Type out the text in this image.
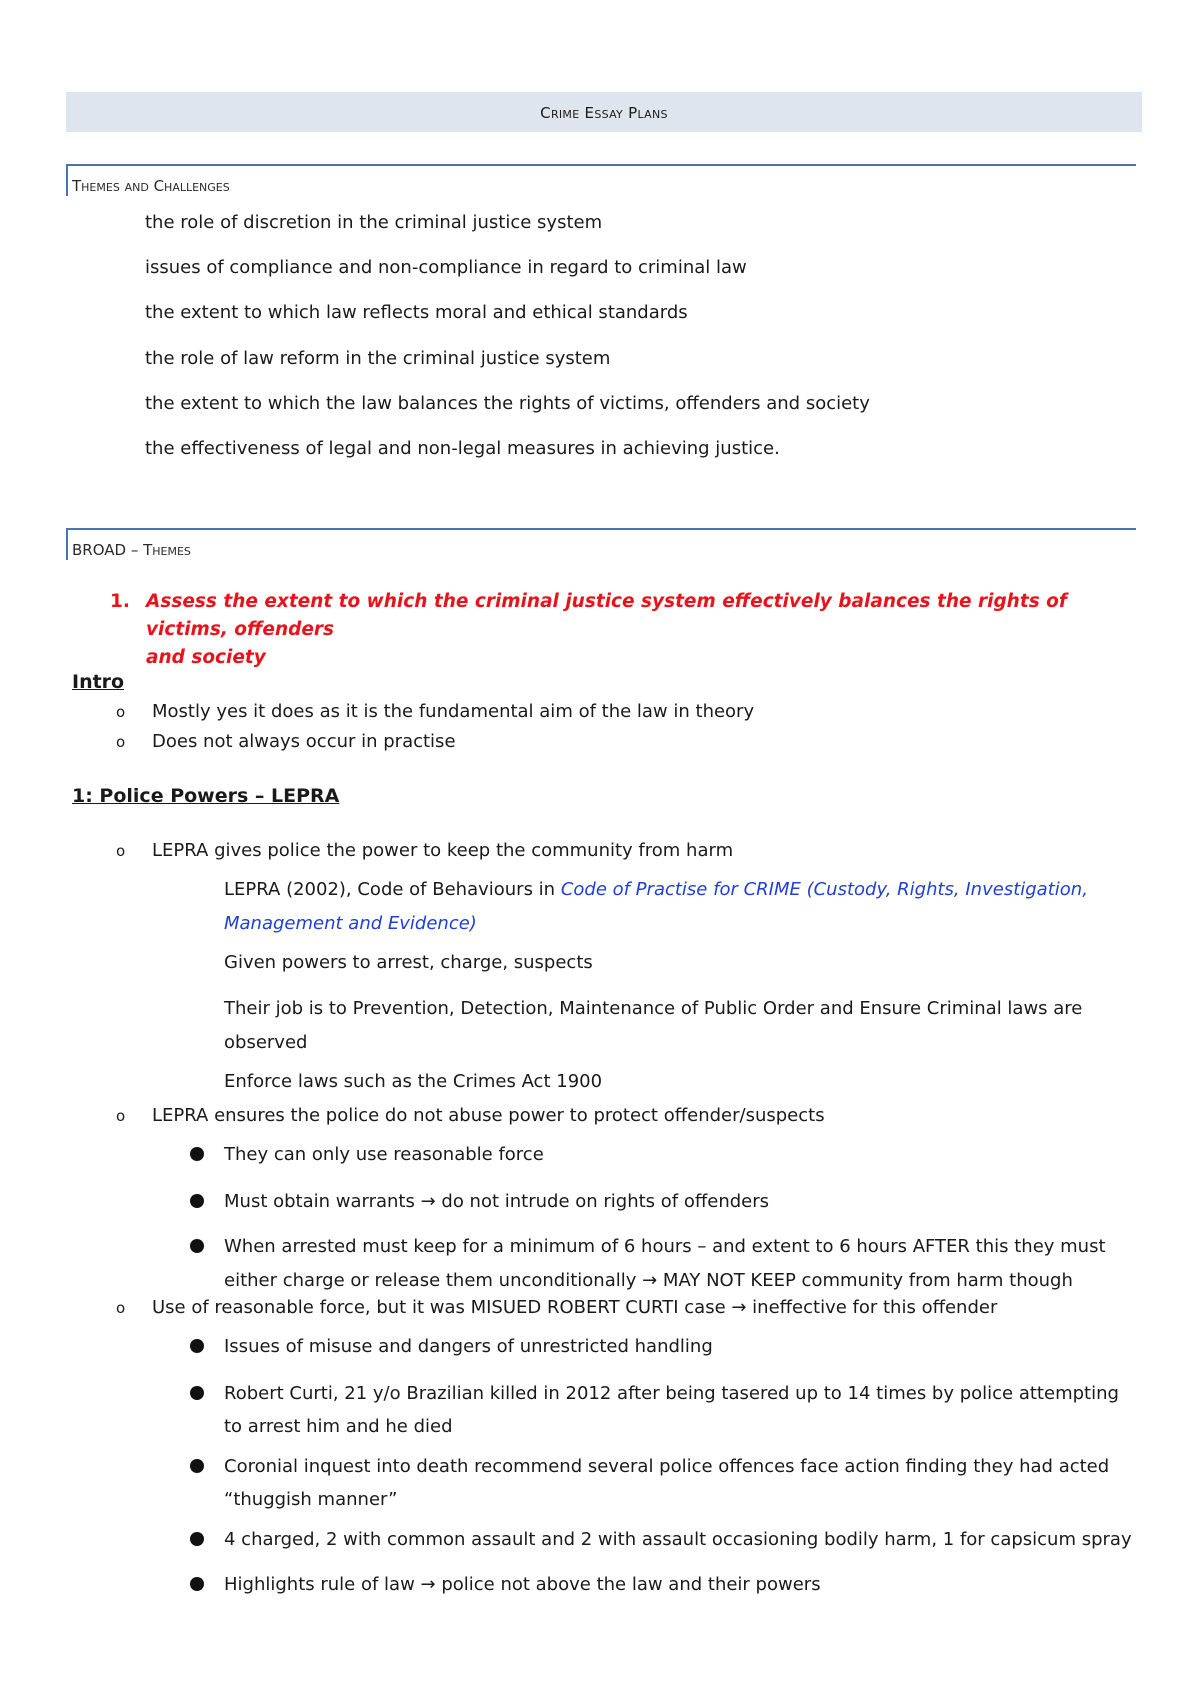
Crime Essay Plans
Themes and Challenges
the role of discretion in the criminal justice system
issues of compliance and non-compliance in regard to criminal law
the extent to which law reflects moral and ethical standards
the role of law reform in the criminal justice system
the extent to which the law balances the rights of victims, offenders and society
the effectiveness of legal and non-legal measures in achieving justice.
BROAD – Themes
1. Assess the extent to which the criminal justice system effectively balances the rights of victims, offenders
and society
Intro
o Mostly yes it does as it is the fundamental aim of the law in theory
o Does not always occur in practise
1: Police Powers – LEPRA
o LEPRA gives police the power to keep the community from harm
LEPRA (2002), Code of Behaviours in Code of Practise for CRIME (Custody, Rights, Investigation,
Management and Evidence)
Given powers to arrest, charge, suspects
Their job is to Prevention, Detection, Maintenance of Public Order and Ensure Criminal laws are
observed
Enforce laws such as the Crimes Act 1900
o LEPRA ensures the police do not abuse power to protect offender/suspects
They can only use reasonable force
Must obtain warrants → do not intrude on rights of offenders
When arrested must keep for a minimum of 6 hours – and extent to 6 hours AFTER this they must
either charge or release them unconditionally → MAY NOT KEEP community from harm though
o Use of reasonable force, but it was MISUED ROBERT CURTI case → ineffective for this offender
Issues of misuse and dangers of unrestricted handling
Robert Curti, 21 y/o Brazilian killed in 2012 after being tasered up to 14 times by police attempting
to arrest him and he died
Coronial inquest into death recommend several police offences face action finding they had acted
“thuggish manner”
4 charged, 2 with common assault and 2 with assault occasioning bodily harm, 1 for capsicum spray
Highlights rule of law → police not above the law and their powers
